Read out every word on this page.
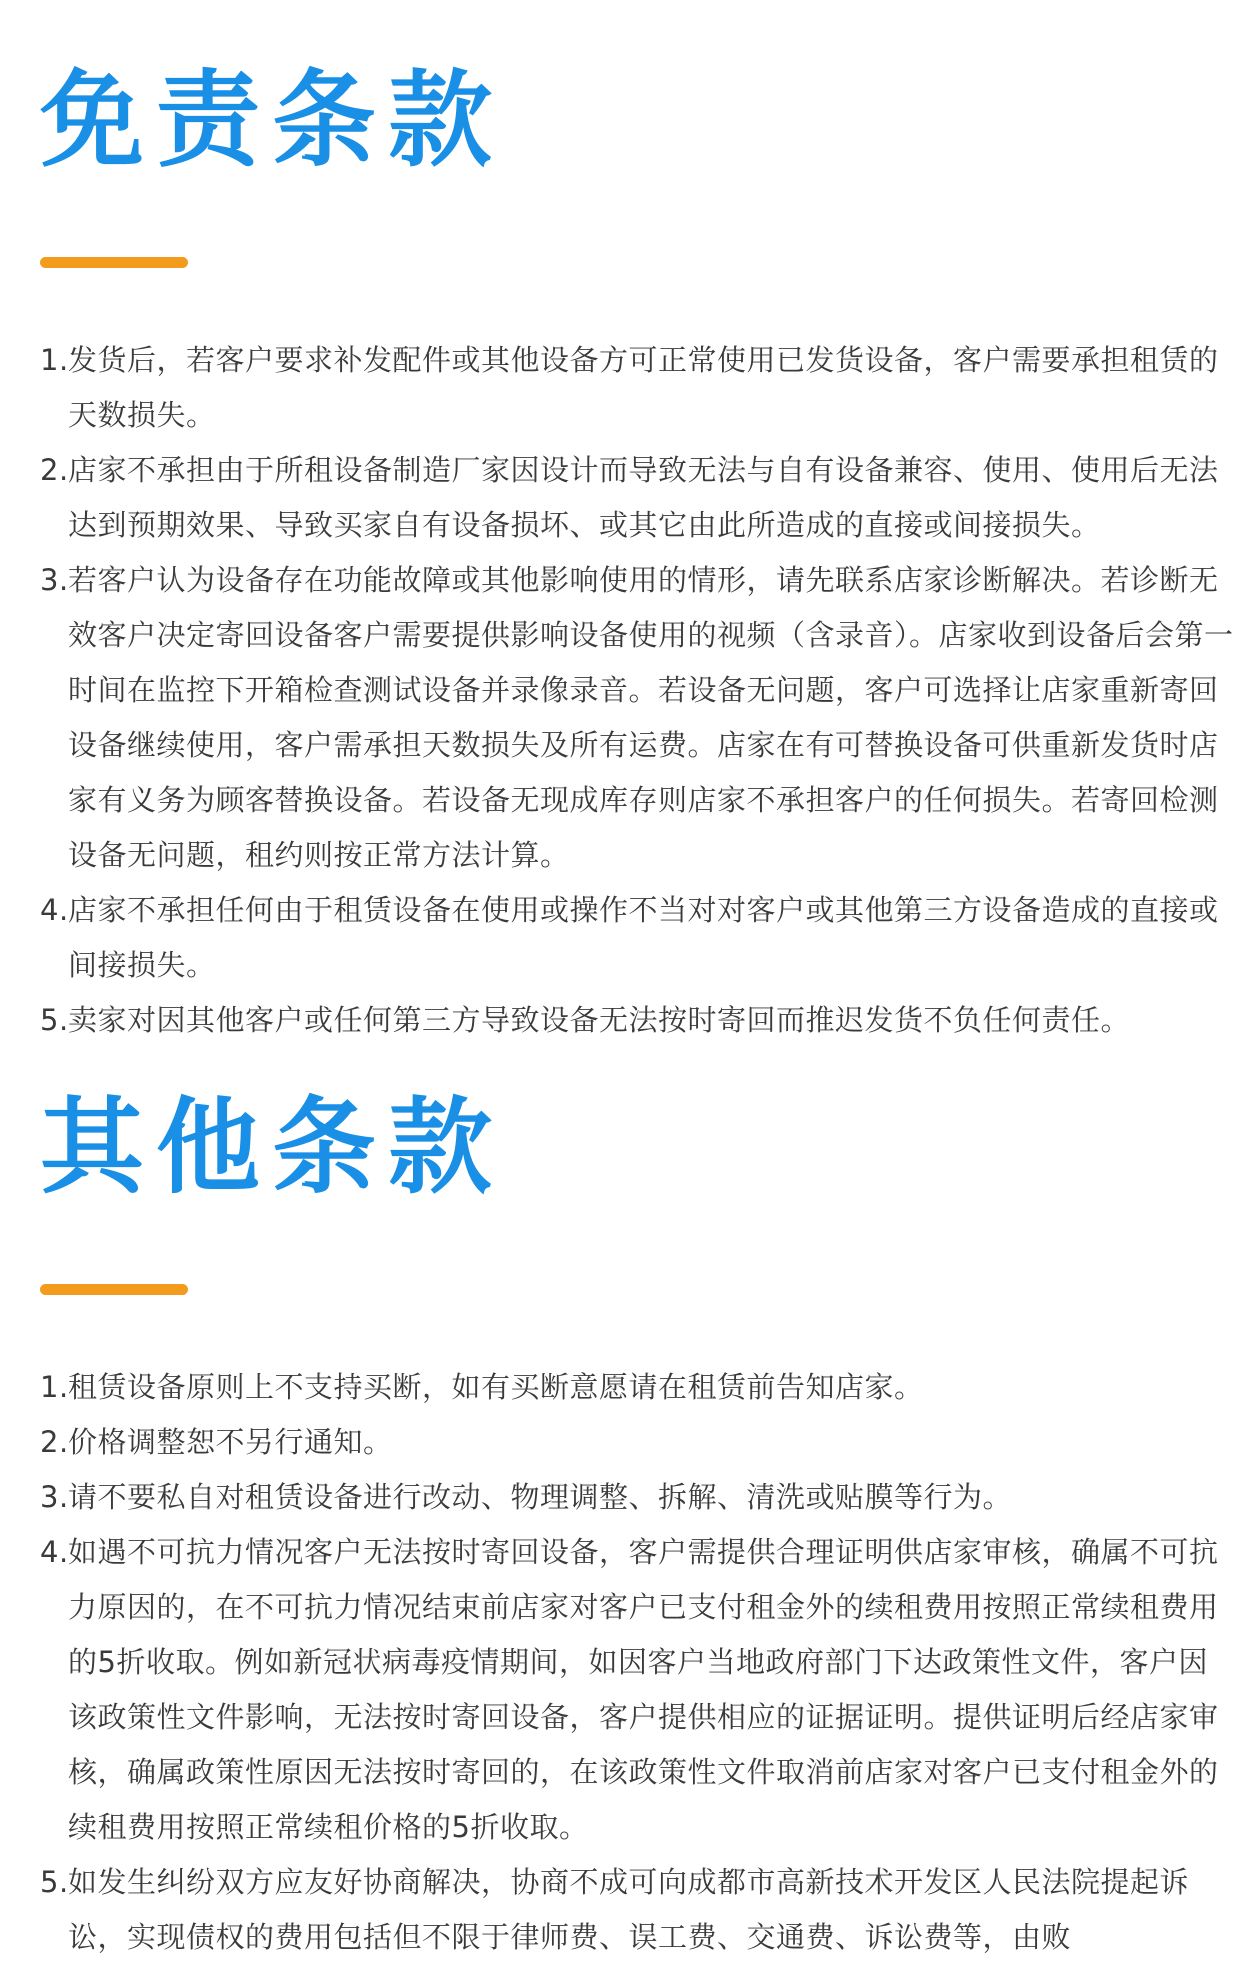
免责条款
1. 发货后，若客户要求补发配件或其他设备方可正常使用已发货设备，客户需要承担租赁的天数损失。
2. 店家不承担由于所租设备制造厂家因设计而导致无法与自有设备兼容、使用、使用后无法达到预期效果、导致买家自有设备损坏、或其它由此所造成的直接或间接损失。
3. 若客户认为设备存在功能故障或其他影响使用的情形，请先联系店家诊断解决。若诊断无效客户决定寄回设备客户需要提供影响设备使用的视频（含录音）。店家收到设备后会第一时间在监控下开箱检查测试设备并录像录音。若设备无问题，客户可选择让店家重新寄回设备继续使用，客户需承担天数损失及所有运费。店家在有可替换设备可供重新发货时店家有义务为顾客替换设备。若设备无现成库存则店家不承担客户的任何损失。若寄回检测设备无问题，租约则按正常方法计算。
4. 店家不承担任何由于租赁设备在使用或操作不当对对客户或其他第三方设备造成的直接或间接损失。
5. 卖家对因其他客户或任何第三方导致设备无法按时寄回而推迟发货不负任何责任。
其他条款
1. 租赁设备原则上不支持买断，如有买断意愿请在租赁前告知店家。
2. 价格调整恕不另行通知。
3. 请不要私自对租赁设备进行改动、物理调整、拆解、清洗或贴膜等行为。
4. 如遇不可抗力情况客户无法按时寄回设备，客户需提供合理证明供店家审核，确属不可抗力原因的，在不可抗力情况结束前店家对客户已支付租金外的续租费用按照正常续租费用的5折收取。例如新冠状病毒疫情期间，如因客户当地政府部门下达政策性文件，客户因该政策性文件影响，无法按时寄回设备，客户提供相应的证据证明。提供证明后经店家审核，确属政策性原因无法按时寄回的，在该政策性文件取消前店家对客户已支付租金外的续租费用按照正常续租价格的5折收取。
5. 如发生纠纷双方应友好协商解决，协商不成可向成都市高新技术开发区人民法院提起诉讼，实现债权的费用包括但不限于律师费、误工费、交通费、诉讼费等，由败
